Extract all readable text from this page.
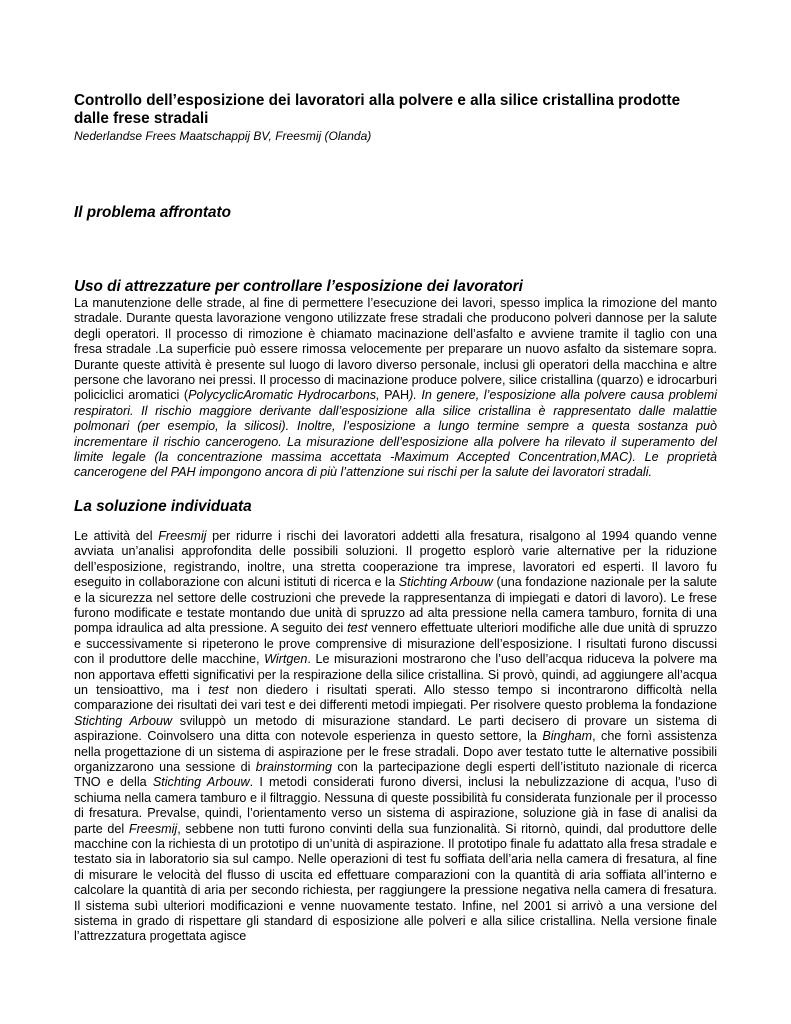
Controllo dell’esposizione dei lavoratori alla polvere e alla silice cristallina prodotte dalle frese stradali

Nederlandse Frees Maatschappij BV, Freesmij (Olanda)

Il problema affrontato
Uso di attrezzature per controllare l’esposizione dei lavoratori

La manutenzione delle strade, al fine di permettere l’esecuzione dei lavori, spesso implica la rimozione del manto stradale. Durante questa lavorazione vengono utilizzate frese stradali che producono polveri dannose per la salute degli operatori. Il processo di rimozione è chiamato macinazione dell’asfalto e avviene tramite il taglio con una fresa stradale .La superficie può essere rimossa velocemente per preparare un nuovo asfalto da sistemare sopra. Durante queste attività è presente sul luogo di lavoro diverso personale, inclusi gli operatori della macchina e altre persone che lavorano nei pressi. Il processo di macinazione produce polvere, silice cristallina (quarzo) e idrocarburi policiclici aromatici (PolycyclicAromatic Hydrocarbons, PAH). In genere, l’esposizione alla polvere causa problemi respiratori. Il rischio maggiore derivante dall’esposizione alla silice cristallina è rappresentato dalle malattie polmonari (per esempio, la silicosi). Inoltre, l’esposizione a lungo termine sempre a questa sostanza può incrementare il rischio cancerogeno. La misurazione dell’esposizione alla polvere ha rilevato il superamento del limite legale (la concentrazione massima accettata -Maximum Accepted Concentration,MAC). Le proprietà cancerogene del PAH impongono ancora di più l’attenzione sui rischi per la salute dei lavoratori stradali.

La soluzione individuata

Le attività del Freesmij per ridurre i rischi dei lavoratori addetti alla fresatura, risalgono al 1994 quando venne avviata un’analisi approfondita delle possibili soluzioni. Il progetto esplorò varie alternative per la riduzione dell’esposizione, registrando, inoltre, una stretta cooperazione tra imprese, lavoratori ed esperti. Il lavoro fu eseguito in collaborazione con alcuni istituti di ricerca e la Stichting Arbouw (una fondazione nazionale per la salute e la sicurezza nel settore delle costruzioni che prevede la rappresentanza di impiegati e datori di lavoro). Le frese furono modificate e testate montando due unità di spruzzo ad alta pressione nella camera tamburo, fornita di una pompa idraulica ad alta pressione. A seguito dei test vennero effettuate ulteriori modifiche alle due unità di spruzzo e successivamente si ripeterono le prove comprensive di misurazione dell’esposizione. I risultati furono discussi con il produttore delle macchine, Wirtgen. Le misurazioni mostrarono che l’uso dell’acqua riduceva la polvere ma non apportava effetti significativi per la respirazione della silice cristallina. Si provò, quindi, ad aggiungere all’acqua un tensioattivo, ma i test non diedero i risultati sperati. Allo stesso tempo si incontrarono difficoltà nella comparazione dei risultati dei vari test e dei differenti metodi impiegati. Per risolvere questo problema la fondazione Stichting Arbouw sviluppò un metodo di misurazione standard. Le parti decisero di provare un sistema di aspirazione. Coinvolsero una ditta con notevole esperienza in questo settore, la Bingham, che fornì assistenza nella progettazione di un sistema di aspirazione per le frese stradali. Dopo aver testato tutte le alternative possibili organizzarono una sessione di brainstorming con la partecipazione degli esperti dell’istituto nazionale di ricerca TNO e della Stichting Arbouw. I metodi considerati furono diversi, inclusi la nebulizzazione di acqua, l’uso di schiuma nella camera tamburo e il filtraggio. Nessuna di queste possibilità fu considerata funzionale per il processo di fresatura. Prevalse, quindi, l’orientamento verso un sistema di aspirazione, soluzione già in fase di analisi da parte del Freesmij, sebbene non tutti furono convinti della sua funzionalità. Si ritornò, quindi, dal produttore delle macchine con la richiesta di un prototipo di un’unità di aspirazione. Il prototipo finale fu adattato alla fresa stradale e testato sia in laboratorio sia sul campo. Nelle operazioni di test fu soffiata dell’aria nella camera di fresatura, al fine di misurare le velocità del flusso di uscita ed effettuare comparazioni con la quantità di aria soffiata all’interno e calcolare la quantità di aria per secondo richiesta, per raggiungere la pressione negativa nella camera di fresatura. Il sistema subì ulteriori modificazioni e venne nuovamente testato. Infine, nel 2001 si arrivò a una versione del sistema in grado di rispettare gli standard di esposizione alle polveri e alla silice cristallina. Nella versione finale l’attrezzatura progettata agisce
